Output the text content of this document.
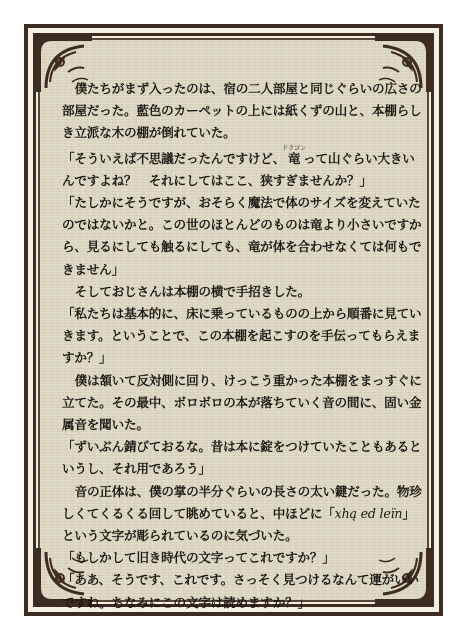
僕たちがまず入ったのは、宿の二人部屋と同じぐらいの広さの部屋だった。藍色のカーペットの上には紙くずの山と、本棚らしき立派な木の棚が倒れていた。

「そういえば不思議だったんですけど、竜ドラゴンって山ぐらい大きいんですよね？　それにしてはここ、狭すぎませんか？」

「たしかにそうですが、おそらく魔法で体のサイズを変えていたのではないかと。この世のほとんどのものは竜より小さいですから、見るにしても触るにしても、竜が体を合わせなくては何もできません」

そしておじさんは本棚の横で手招きした。

「私たちは基本的に、床に乗っているものの上から順番に見ていきます。ということで、この本棚を起こすのを手伝ってもらえますか？」

僕は頷いて反対側に回り、けっこう重かった本棚をまっすぐに立てた。その最中、ボロボロの本が落ちていく音の間に、固い金属音を聞いた。

「ずいぶん錆びておるな。昔は本に錠をつけていたこともあるというし、それ用であろう」

音の正体は、僕の掌の半分ぐらいの長さの太い鍵だった。物珍しくてくるくる回して眺めていると、中ほどに「xhą ed leïn」という文字が彫られているのに気づいた。

「もしかして旧き時代の文字ってこれですか？」

「ああ、そうです、これです。さっそく見つけるなんて運がいいですね。ちなみにこの文字は読めますか？」
